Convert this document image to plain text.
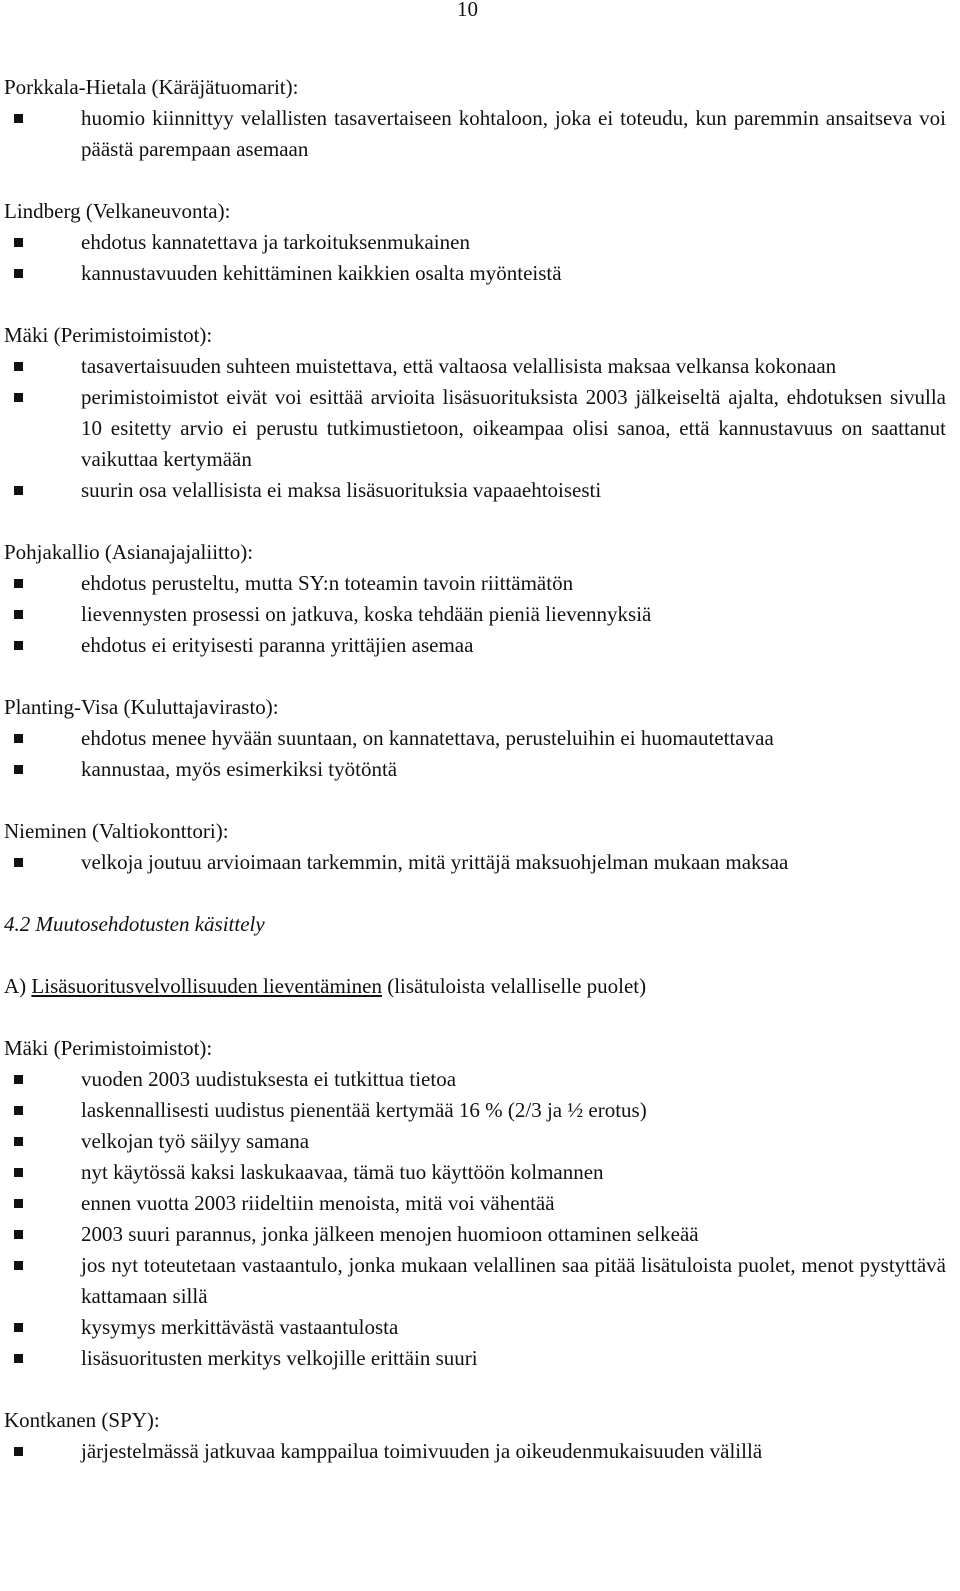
10
Porkkala-Hietala (Käräjätuomarit):
huomio kiinnittyy velallisten tasavertaiseen kohtaloon, joka ei toteudu, kun paremmin ansaitseva voi päästä parempaan asemaan
Lindberg (Velkaneuvonta):
ehdotus kannatettava ja tarkoituksenmukainen
kannustavuuden kehittäminen kaikkien osalta myönteistä
Mäki (Perimistoimistot):
tasavertaisuuden suhteen muistettava, että valtaosa velallisista maksaa velkansa kokonaan
perimistoimistot eivät voi esittää arvioita lisäsuorituksista 2003 jälkeiseltä ajalta, ehdotuksen sivulla 10 esitetty arvio ei perustu tutkimustietoon, oikeampaa olisi sanoa, että kannustavuus on saattanut vaikuttaa kertymään
suurin osa velallisista ei maksa lisäsuorituksia vapaaehtoisesti
Pohjakallio (Asianajajaliitto):
ehdotus perusteltu, mutta SY:n toteamin tavoin riittämätön
lievennysten prosessi on jatkuva, koska tehdään pieniä lievennyksiä
ehdotus ei erityisesti paranna yrittäjien asemaa
Planting-Visa (Kuluttajavirasto):
ehdotus menee hyvään suuntaan, on kannatettava, perusteluihin ei huomautettavaa
kannustaa, myös esimerkiksi työtöntä
Nieminen (Valtiokonttori):
velkoja joutuu arvioimaan tarkemmin, mitä yrittäjä maksuohjelman mukaan maksaa
4.2 Muutosehdotusten käsittely
A) Lisäsuoritusvelvollisuuden lieventäminen (lisätuloista velalliselle puolet)
Mäki (Perimistoimistot):
vuoden 2003 uudistuksesta ei tutkittua tietoa
laskennallisesti uudistus pienentää kertymää 16 % (2/3 ja ½ erotus)
velkojan työ säilyy samana
nyt käytössä kaksi laskukaavaa, tämä tuo käyttöön kolmannen
ennen vuotta 2003 riideltiin menoista, mitä voi vähentää
2003 suuri parannus, jonka jälkeen menojen huomioon ottaminen selkeää
jos nyt toteutetaan vastaantulo, jonka mukaan velallinen saa pitää lisätuloista puolet, menot pystyttävä kattamaan sillä
kysymys merkittävästä vastaantulosta
lisäsuoritusten merkitys velkojille erittäin suuri
Kontkanen (SPY):
järjestelmässä jatkuvaa kamppailua toimivuuden ja oikeudenmukaisuuden välillä
